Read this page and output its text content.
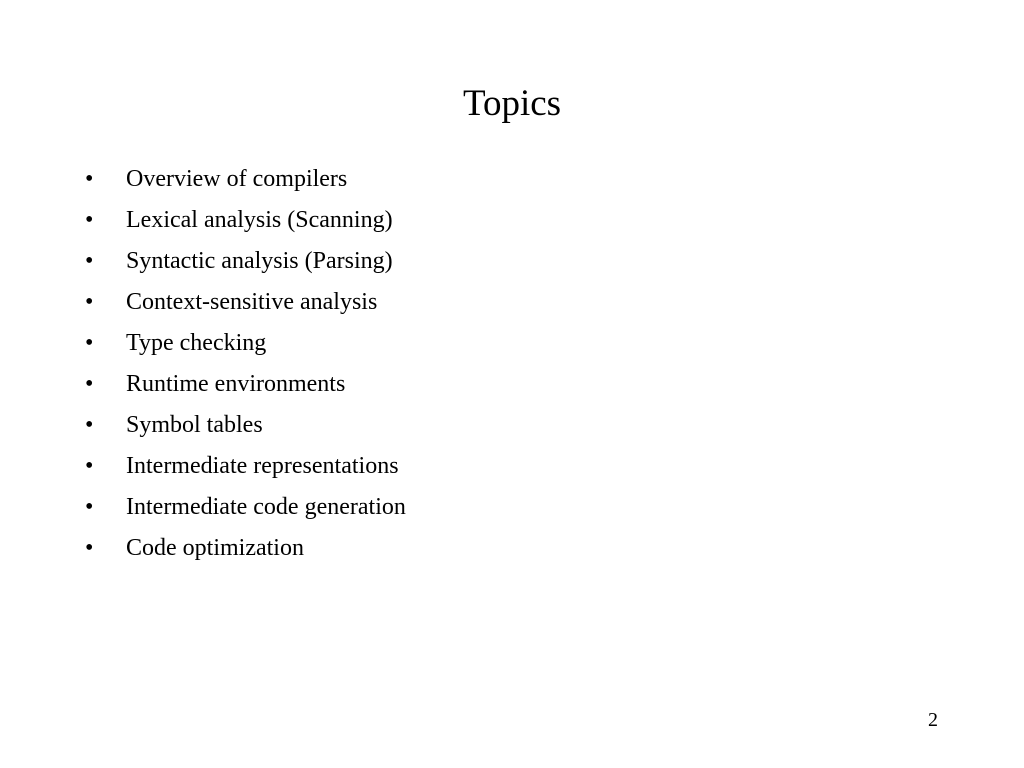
Topics
•	Overview of compilers
•	Lexical analysis (Scanning)
•	Syntactic analysis (Parsing)
•	Context-sensitive analysis
•	Type checking
•	Runtime environments
•	Symbol tables
•	Intermediate representations
•	Intermediate code generation
•	Code optimization
2
